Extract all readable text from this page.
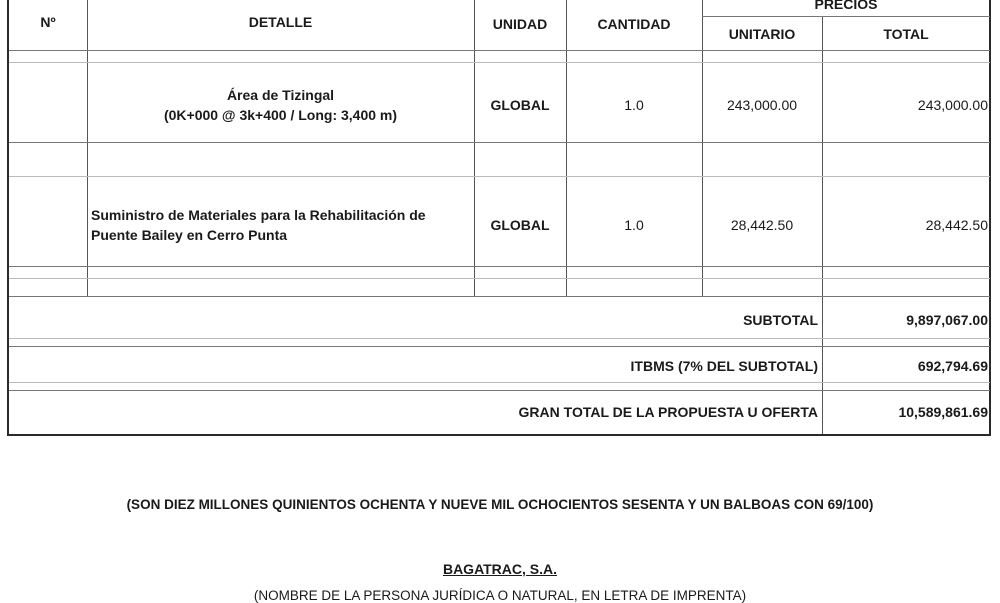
Nº	DETALLE	UNIDAD	CANTIDAD
PRECIOS
UNITARIO	TOTAL
Área de Tizingal
(0K+000 @ 3k+400 / Long: 3,400 m)
GLOBAL	1.0	243,000.00	243,000.00
Suministro de Materiales para la Rehabilitación de
Puente Bailey en Cerro Punta
GLOBAL	1.0	28,442.50	28,442.50
SUBTOTAL	9,897,067.00
ITBMS (7% DEL SUBTOTAL)	692,794.69
GRAN TOTAL DE LA PROPUESTA U OFERTA	10,589,861.69
(SON DIEZ MILLONES QUINIENTOS OCHENTA Y NUEVE MIL OCHOCIENTOS SESENTA Y UN BALBOAS CON 69/100)
BAGATRAC, S.A.
(NOMBRE DE LA PERSONA JURÍDICA O NATURAL, EN LETRA DE IMPRENTA)
